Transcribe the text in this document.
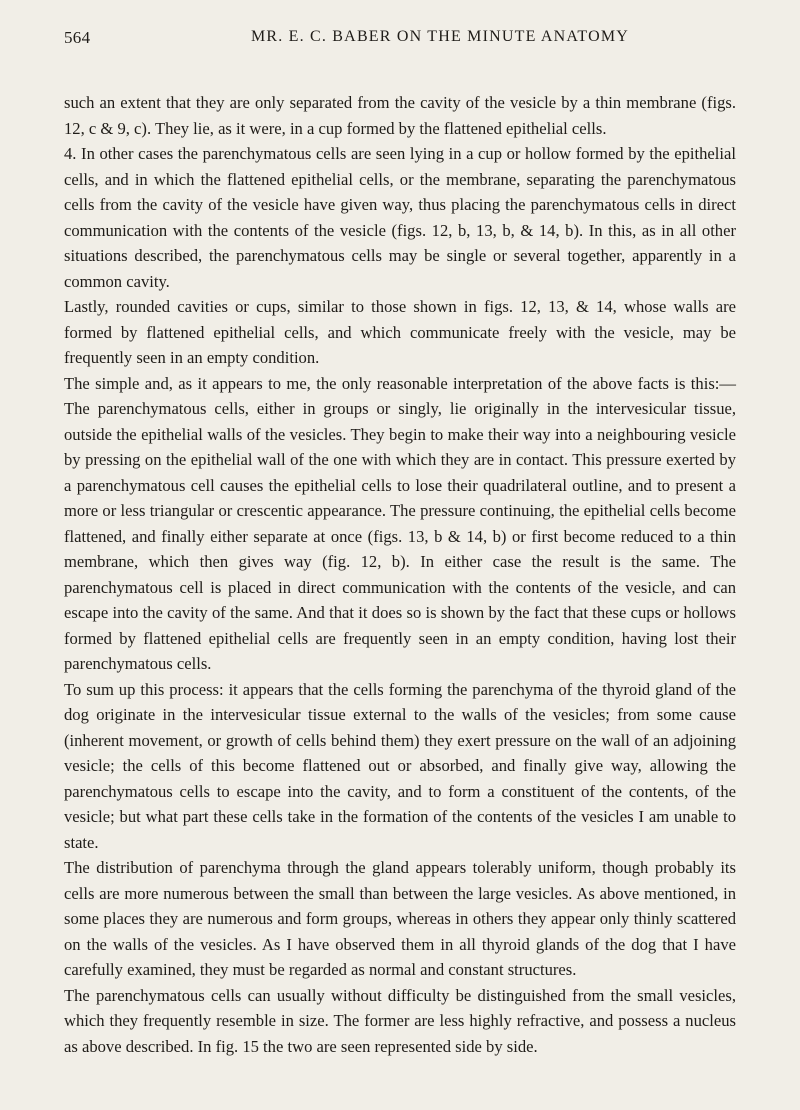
564	MR. E. C. BABER ON THE MINUTE ANATOMY

such an extent that they are only separated from the cavity of the vesicle by a thin membrane (figs. 12, c & 9, c). They lie, as it were, in a cup formed by the flattened epithelial cells.

4. In other cases the parenchymatous cells are seen lying in a cup or hollow formed by the epithelial cells, and in which the flattened epithelial cells, or the membrane, separating the parenchymatous cells from the cavity of the vesicle have given way, thus placing the parenchymatous cells in direct communication with the contents of the vesicle (figs. 12, b, 13, b, & 14, b). In this, as in all other situations described, the parenchymatous cells may be single or several together, apparently in a common cavity.

Lastly, rounded cavities or cups, similar to those shown in figs. 12, 13, & 14, whose walls are formed by flattened epithelial cells, and which communicate freely with the vesicle, may be frequently seen in an empty condition.

The simple and, as it appears to me, the only reasonable interpretation of the above facts is this:—The parenchymatous cells, either in groups or singly, lie originally in the intervesicular tissue, outside the epithelial walls of the vesicles. They begin to make their way into a neighbouring vesicle by pressing on the epithelial wall of the one with which they are in contact. This pressure exerted by a parenchymatous cell causes the epithelial cells to lose their quadrilateral outline, and to present a more or less triangular or crescentic appearance. The pressure continuing, the epithelial cells become flattened, and finally either separate at once (figs. 13, b & 14, b) or first become reduced to a thin membrane, which then gives way (fig. 12, b). In either case the result is the same. The parenchymatous cell is placed in direct communication with the contents of the vesicle, and can escape into the cavity of the same. And that it does so is shown by the fact that these cups or hollows formed by flattened epithelial cells are frequently seen in an empty condition, having lost their parenchymatous cells.

To sum up this process: it appears that the cells forming the parenchyma of the thyroid gland of the dog originate in the intervesicular tissue external to the walls of the vesicles; from some cause (inherent movement, or growth of cells behind them) they exert pressure on the wall of an adjoining vesicle; the cells of this become flattened out or absorbed, and finally give way, allowing the parenchymatous cells to escape into the cavity, and to form a constituent of the contents, of the vesicle; but what part these cells take in the formation of the contents of the vesicles I am unable to state.

The distribution of parenchyma through the gland appears tolerably uniform, though probably its cells are more numerous between the small than between the large vesicles. As above mentioned, in some places they are numerous and form groups, whereas in others they appear only thinly scattered on the walls of the vesicles. As I have observed them in all thyroid glands of the dog that I have carefully examined, they must be regarded as normal and constant structures.

The parenchymatous cells can usually without difficulty be distinguished from the small vesicles, which they frequently resemble in size. The former are less highly refractive, and possess a nucleus as above described. In fig. 15 the two are seen represented side by side.
